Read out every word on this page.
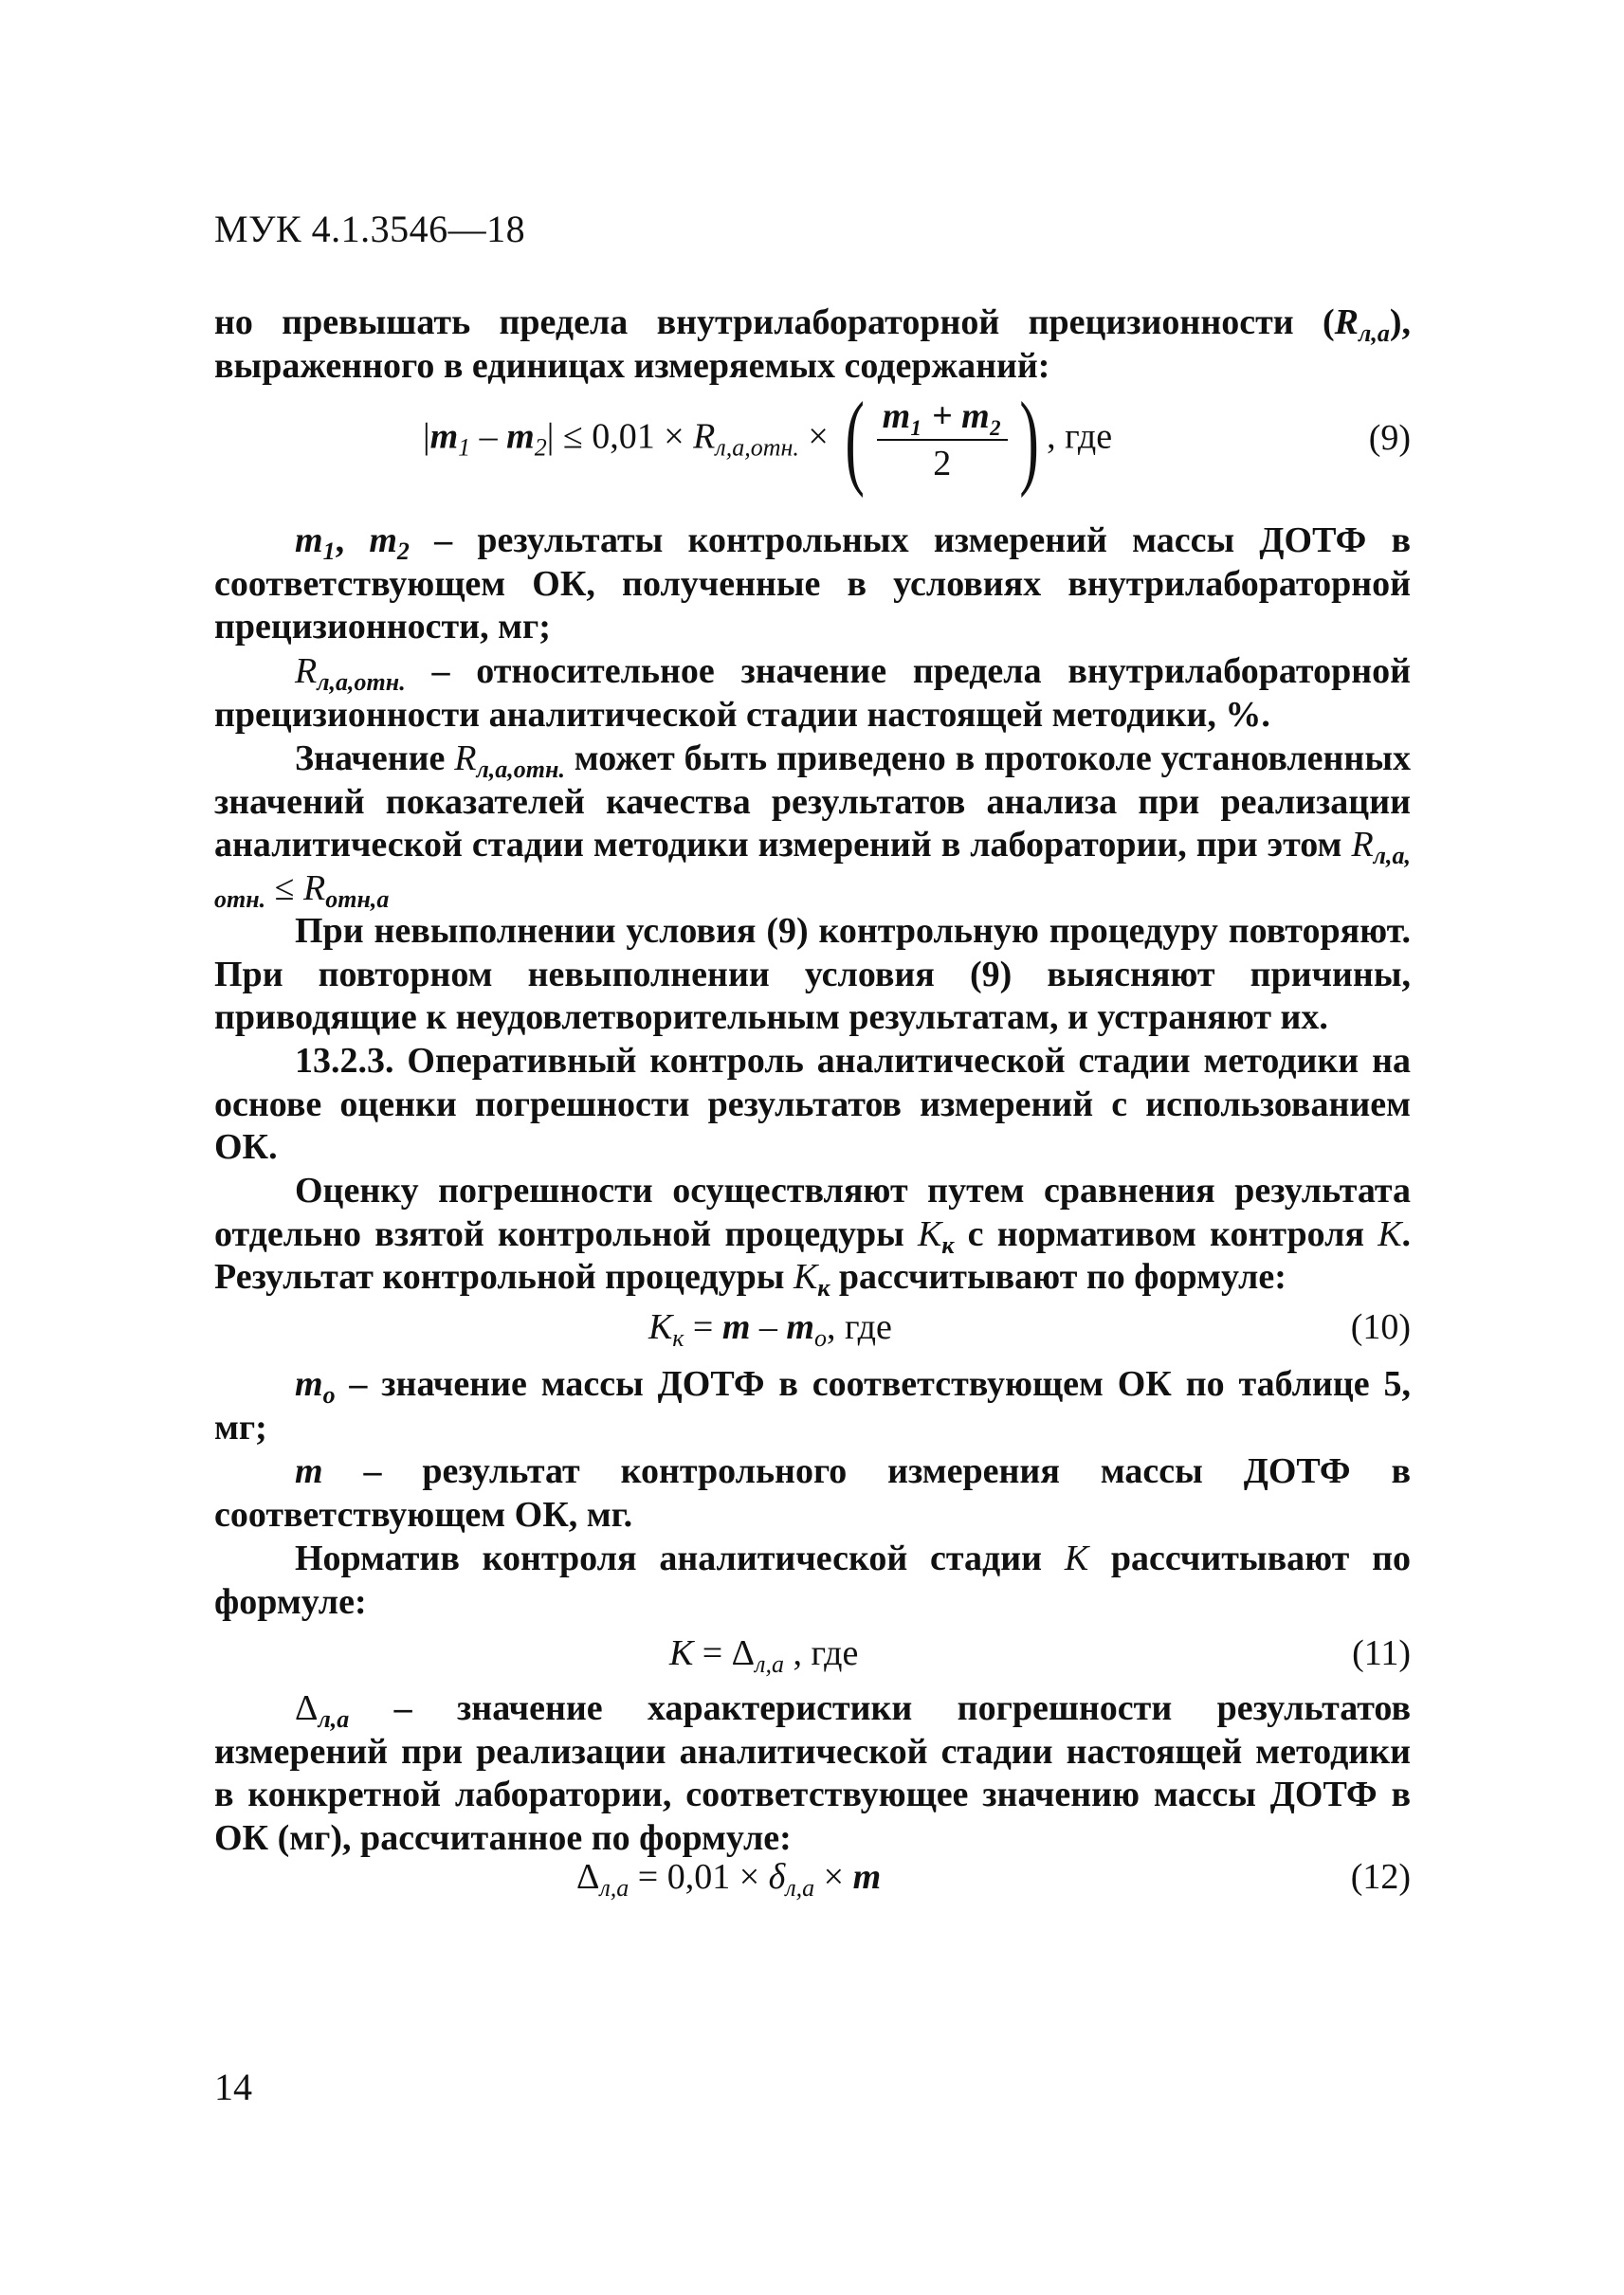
МУК 4.1.3546—18

но превышать предела внутрилабораторной прецизионности $(R_{л,а})$, выраженного в единицах измеряемых содержаний:

$|m_1 - m_2| \le 0,01 \times R_{л,а,отн.}$ × ( $\frac{\text{m₁ + m₂}}{2}$ ) , где	(9)

$m_1$, $m_2$ – результаты контрольных измерений массы ДОТФ в соответствующем ОК, полученные в условиях внутрилабораторной прецизионности, мг;

$R_{л,а,отн.}$ – относительное значение предела внутрилабораторной прецизионности аналитической стадии настоящей методики, %.

Значение $R_{л,а,отн.}$ может быть приведено в протоколе установленных значений показателей качества результатов анализа при реализации аналитической стадии методики измерений в лаборатории, при этом $R_{л,а, отн.} \le R_{отн,а}$

При невыполнении условия (9) контрольную процедуру повторяют. При повторном невыполнении условия (9) выясняют причины, приводящие к неудовлетворительным результатам, и устраняют их.

13.2.3. Оперативный контроль аналитической стадии методики на основе оценки погрешности результатов измерений с использованием ОК.

Оценку погрешности осуществляют путем сравнения результата отдельно взятой контрольной процедуры $К_к$ с нормативом контроля К. Результат контрольной процедуры $К_к$ рассчитывают по формуле:

$К_к = m - m_о$, где	(10)

$m_о$ – значение массы ДОТФ в соответствующем ОК по таблице 5, мг;

m – результат контрольного измерения массы ДОТФ в соответствующем ОК, мг.

Норматив контроля аналитической стадии К рассчитывают по формуле:

$К = \Delta_{л,а}$ , где	(11)

$\Delta_{л,а}$ – значение характеристики погрешности результатов измерений при реализации аналитической стадии настоящей методики в конкретной лаборатории, соответствующее значению массы ДОТФ в ОК (мг), рассчитанное по формуле:

$\Delta_{л,а} = 0,01 \times \delta_{л,а} \times m$	(12)
14
